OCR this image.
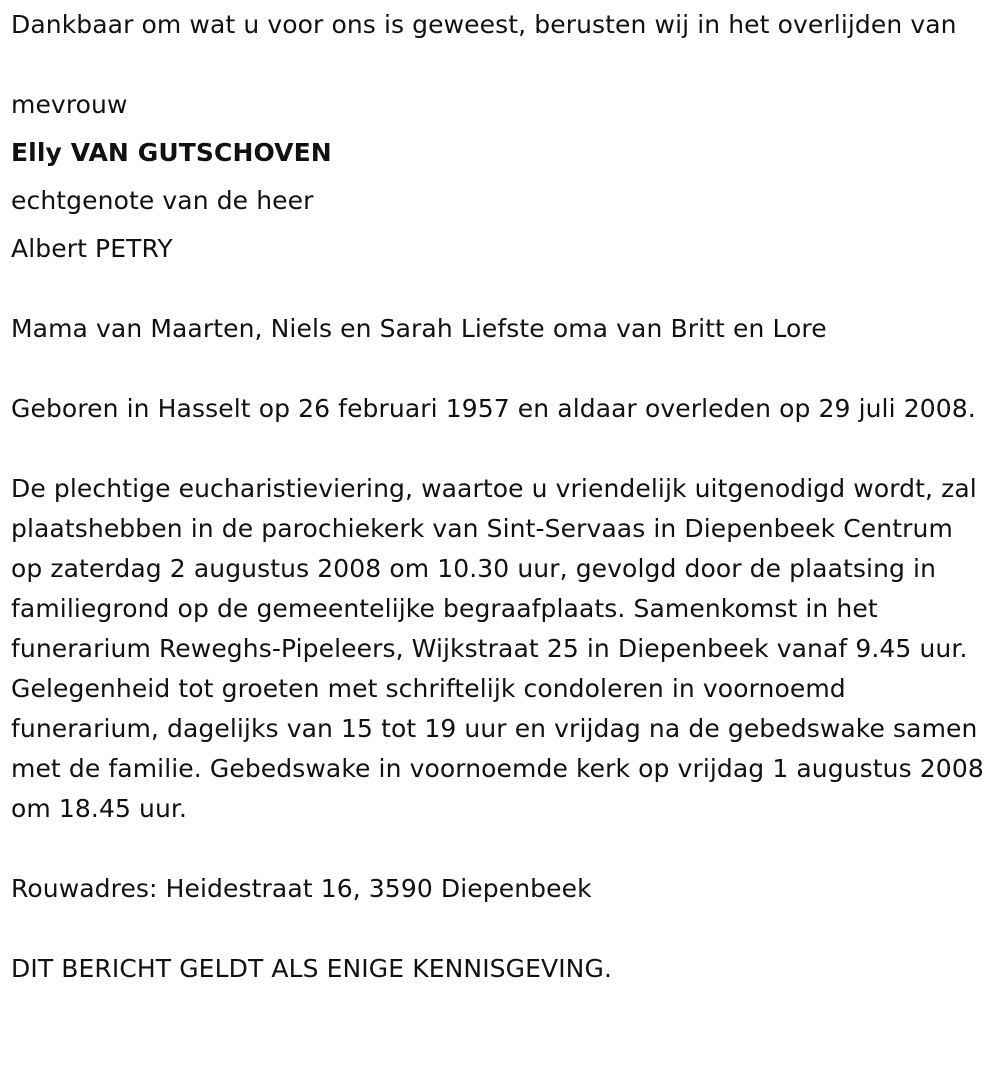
Dankbaar om wat u voor ons is geweest, berusten wij in het overlijden van

mevrouw

Elly VAN GUTSCHOVEN

echtgenote van de heer

Albert PETRY

Mama van Maarten, Niels en Sarah Liefste oma van Britt en Lore

Geboren in Hasselt op 26 februari 1957 en aldaar overleden op 29 juli 2008.

De plechtige eucharistieviering, waartoe u vriendelijk uitgenodigd wordt, zal plaatshebben in de parochiekerk van Sint-Servaas in Diepenbeek Centrum op zaterdag 2 augustus 2008 om 10.30 uur, gevolgd door de plaatsing in familiegrond op de gemeentelijke begraafplaats. Samenkomst in het funerarium Reweghs-Pipeleers, Wijkstraat 25 in Diepenbeek vanaf 9.45 uur. Gelegenheid tot groeten met schriftelijk condoleren in voornoemd funerarium, dagelijks van 15 tot 19 uur en vrijdag na de gebedswake samen met de familie. Gebedswake in voornoemde kerk op vrijdag 1 augustus 2008 om 18.45 uur.

Rouwadres: Heidestraat 16, 3590 Diepenbeek

DIT BERICHT GELDT ALS ENIGE KENNISGEVING.
